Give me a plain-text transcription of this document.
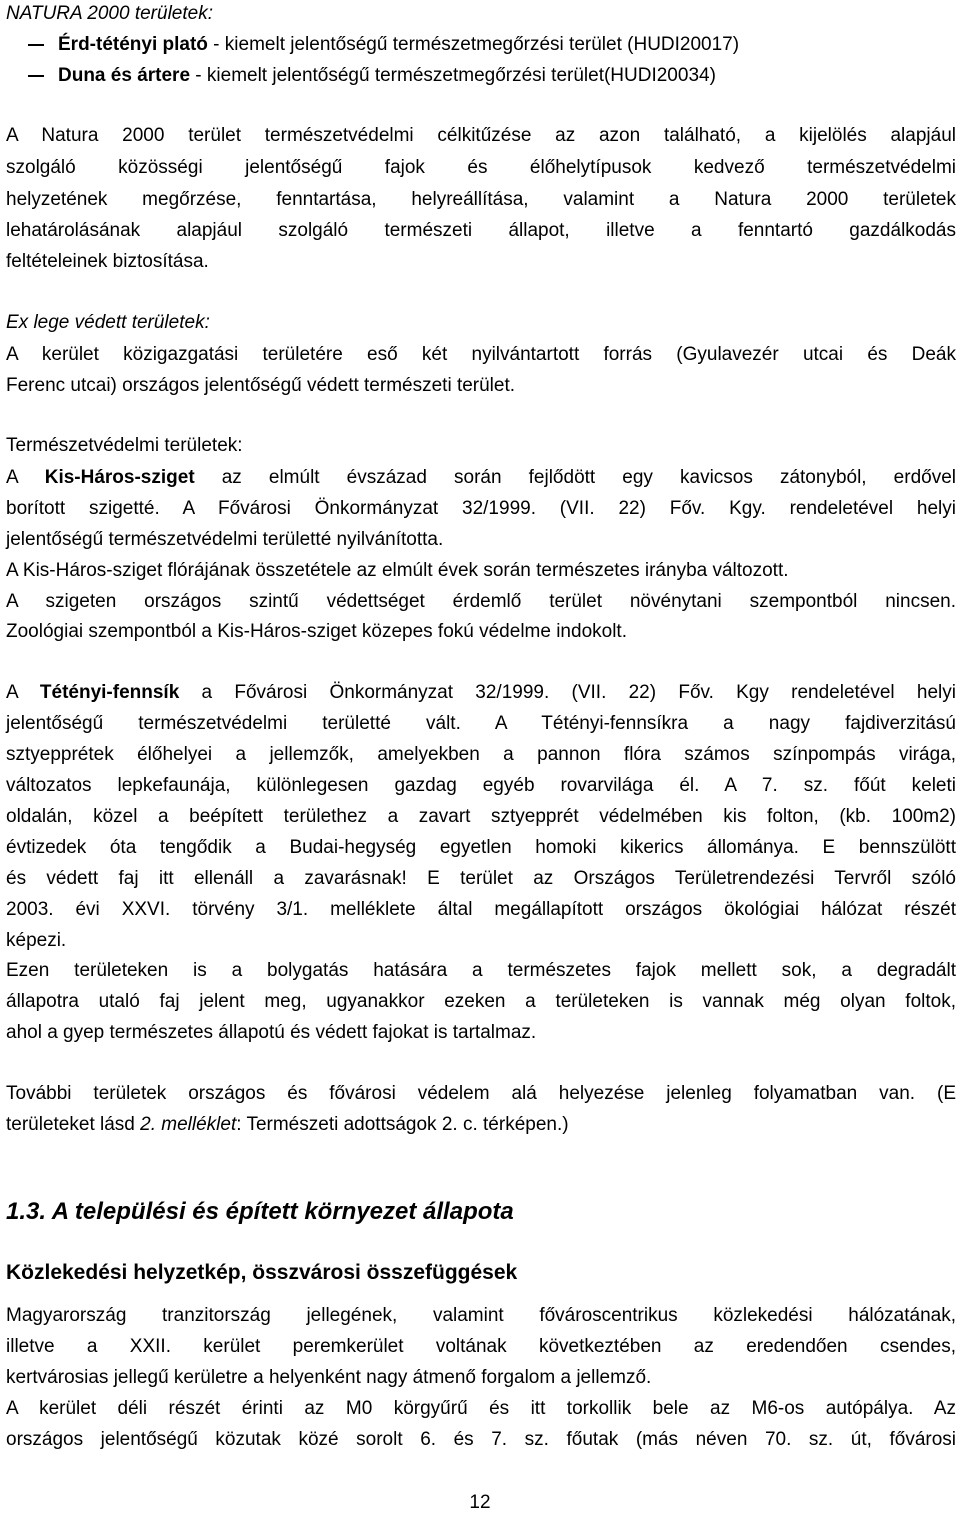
NATURA 2000 területek:
Érd-tétényi plató - kiemelt jelentőségű természetmegőrzési terület (HUDI20017)
Duna és ártere - kiemelt jelentőségű természetmegőrzési terület(HUDI20034)
A Natura 2000 terület természetvédelmi célkitűzése az azon található, a kijelölés alapjául
szolgáló közösségi jelentőségű fajok és élőhelytípusok kedvező természetvédelmi
helyzetének megőrzése, fenntartása, helyreállítása, valamint a Natura 2000 területek
lehatárolásának alapjául szolgáló természeti állapot, illetve a fenntartó gazdálkodás
feltételeinek biztosítása.
Ex lege védett területek:
A kerület közigazgatási területére eső két nyilvántartott forrás (Gyulavezér utcai és Deák
Ferenc utcai) országos jelentőségű védett természeti terület.
Természetvédelmi területek:
A Kis-Háros-sziget az elmúlt évszázad során fejlődött egy kavicsos zátonyból, erdővel
borított szigetté. A Fővárosi Önkormányzat 32/1999. (VII. 22) Főv. Kgy. rendeletével helyi
jelentőségű természetvédelmi területté nyilvánította.
A Kis-Háros-sziget flórájának összetétele az elmúlt évek során természetes irányba változott.
A szigeten országos szintű védettséget érdemlő terület növénytani szempontból nincsen.
Zoológiai szempontból a Kis-Háros-sziget közepes fokú védelme indokolt.
A Tétényi-fennsík a Fővárosi Önkormányzat 32/1999. (VII. 22) Főv. Kgy rendeletével helyi
jelentőségű természetvédelmi területté vált. A Tétényi-fennsíkra a nagy fajdiverzitású
sztyepprétek élőhelyei a jellemzők, amelyekben a pannon flóra számos színpompás virága,
változatos lepkefaunája, különlegesen gazdag egyéb rovarvilága él. A 7. sz. főút keleti
oldalán, közel a beépített területhez a zavart sztyepprét védelmében kis folton, (kb. 100m2)
évtizedek óta tengődik a Budai-hegység egyetlen homoki kikerics állománya. E bennszülött
és védett faj itt ellenáll a zavarásnak! E terület az Országos Területrendezési Tervről szóló
2003. évi XXVI. törvény 3/1. melléklete által megállapított országos ökológiai hálózat részét
képezi.
Ezen területeken is a bolygatás hatására a természetes fajok mellett sok, a degradált
állapotra utaló faj jelent meg, ugyanakkor ezeken a területeken is vannak még olyan foltok,
ahol a gyep természetes állapotú és védett fajokat is tartalmaz.
További területek országos és fővárosi védelem alá helyezése jelenleg folyamatban van. (E
területeket lásd 2. melléklet: Természeti adottságok 2. c. térképen.)
1.3. A települési és épített környezet állapota
Közlekedési helyzetkép, összvárosi összefüggések
Magyarország tranzitország jellegének, valamint fővároscentrikus közlekedési hálózatának,
illetve a XXII. kerület peremkerület voltának következtében az eredendően csendes,
kertvárosias jellegű kerületre a helyenként nagy átmenő forgalom a jellemző.
A kerület déli részét érinti az M0 körgyűrű és itt torkollik bele az M6-os autópálya. Az
országos jelentőségű közutak közé sorolt 6. és 7. sz. főutak (más néven 70. sz. út, fővárosi
12
